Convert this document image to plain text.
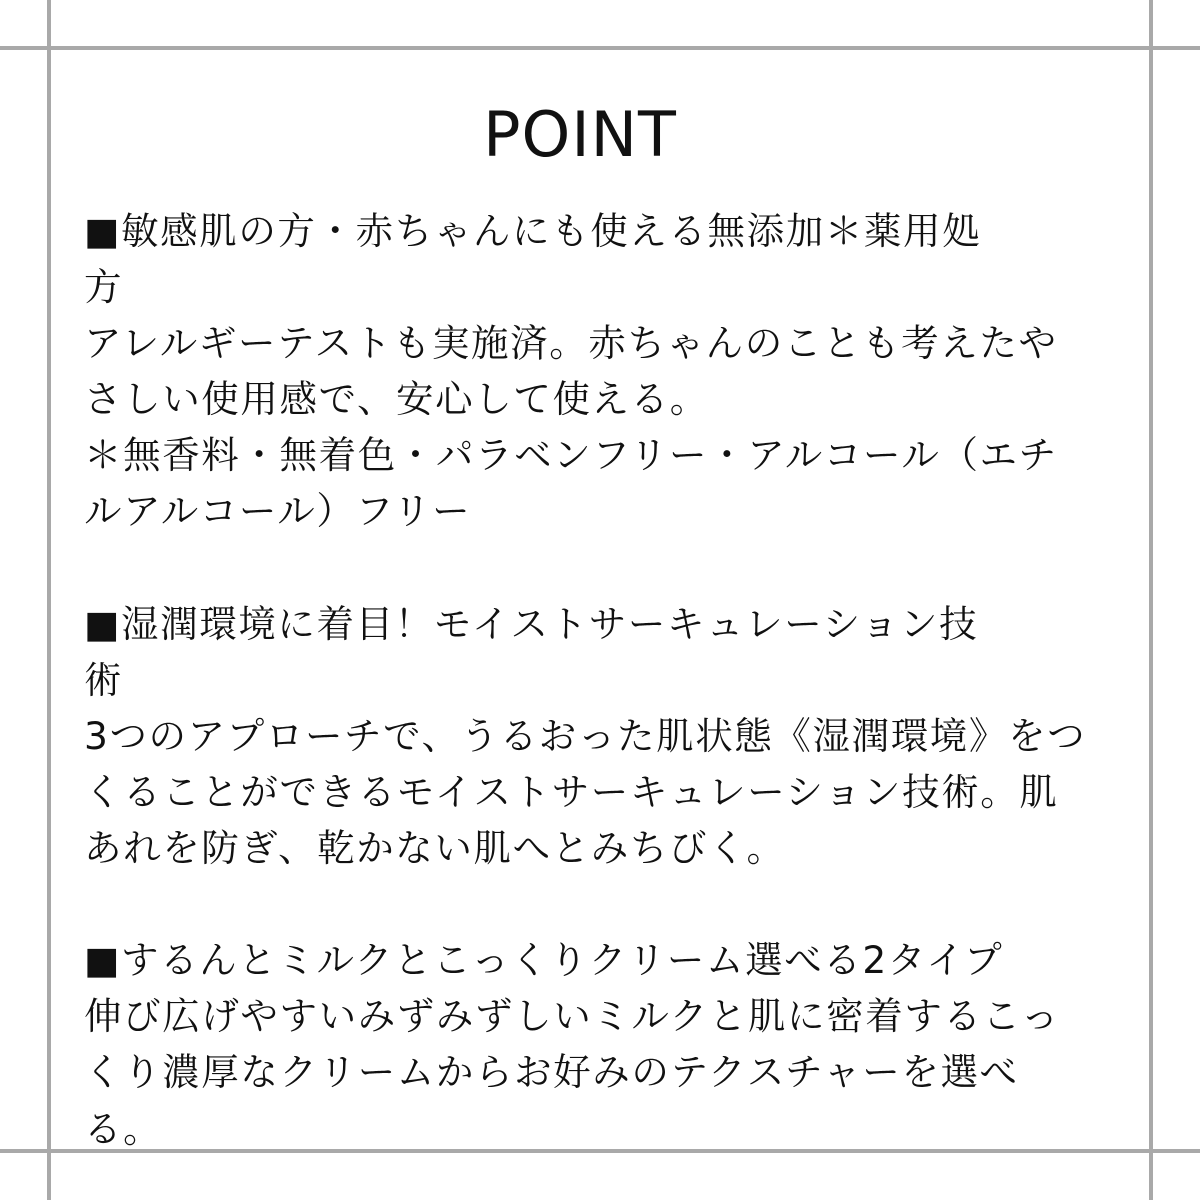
POINT
■敏感肌の方・赤ちゃんにも使える無添加＊薬用処
方
アレルギーテストも実施済。赤ちゃんのことも考えたや
さしい使用感で、安心して使える。
＊無香料・無着色・パラベンフリー・アルコール（エチ
ルアルコール）フリー
■湿潤環境に着目！モイストサーキュレーション技
術
3つのアプローチで、うるおった肌状態《湿潤環境》をつ
くることができるモイストサーキュレーション技術。肌
あれを防ぎ、乾かない肌へとみちびく。
■するんとミルクとこっくりクリーム選べる2タイプ
伸び広げやすいみずみずしいミルクと肌に密着するこっ
くり濃厚なクリームからお好みのテクスチャーを選べ
る。
